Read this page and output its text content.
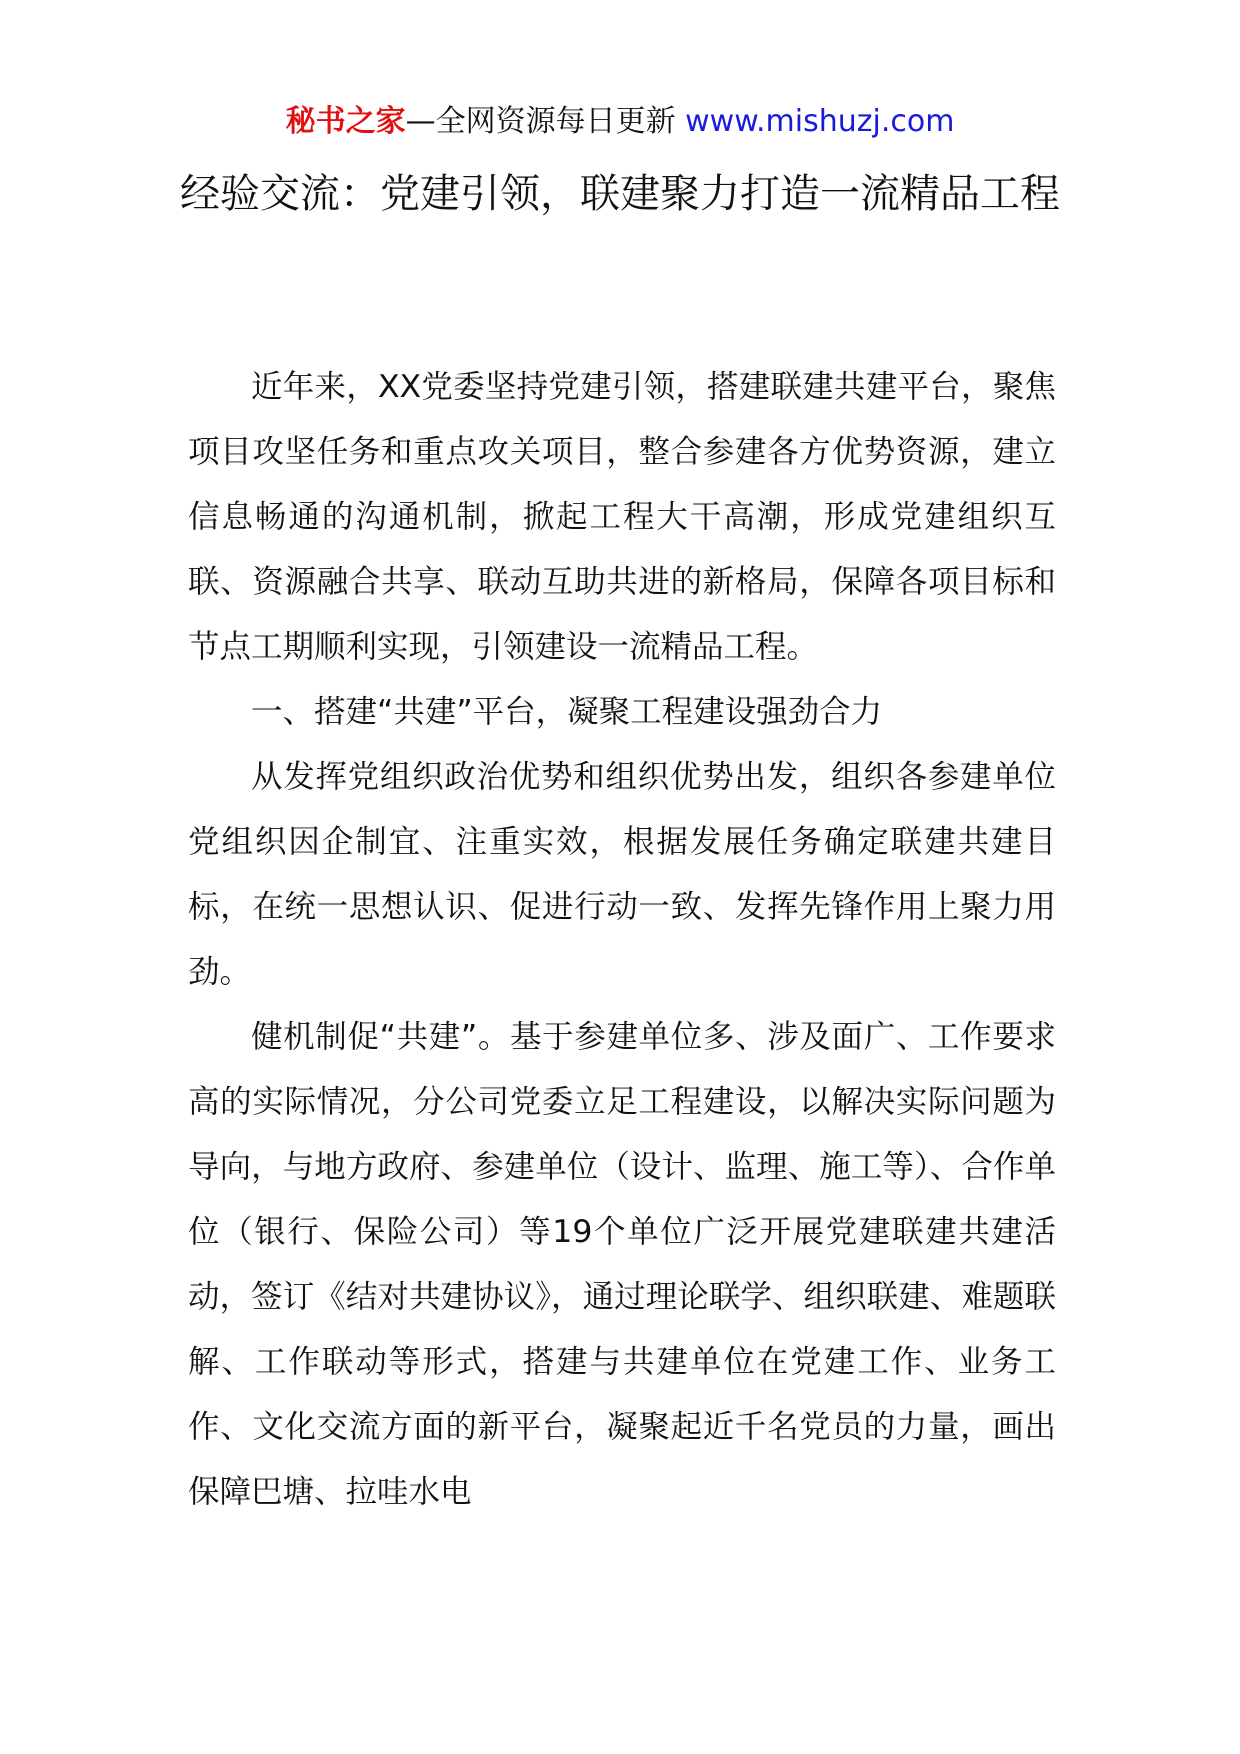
秘书之家—全网资源每日更新 www.mishuzj.com
经验交流：党建引领，联建聚力打造一流精品工程

近年来，XX党委坚持党建引领，搭建联建共建平台，聚焦项目攻坚任务和重点攻关项目，整合参建各方优势资源，建立信息畅通的沟通机制，掀起工程大干高潮，形成党建组织互联、资源融合共享、联动互助共进的新格局，保障各项目标和节点工期顺利实现，引领建设一流精品工程。

一、搭建“共建”平台，凝聚工程建设强劲合力

从发挥党组织政治优势和组织优势出发，组织各参建单位党组织因企制宜、注重实效，根据发展任务确定联建共建目标，在统一思想认识、促进行动一致、发挥先锋作用上聚力用劲。

健机制促“共建”。基于参建单位多、涉及面广、工作要求高的实际情况，分公司党委立足工程建设，以解决实际问题为导向，与地方政府、参建单位（设计、监理、施工等）、合作单位（银行、保险公司）等19个单位广泛开展党建联建共建活动，签订《结对共建协议》，通过理论联学、组织联建、难题联解、工作联动等形式，搭建与共建单位在党建工作、业务工作、文化交流方面的新平台，凝聚起近千名党员的力量，画出保障巴塘、拉哇水电
